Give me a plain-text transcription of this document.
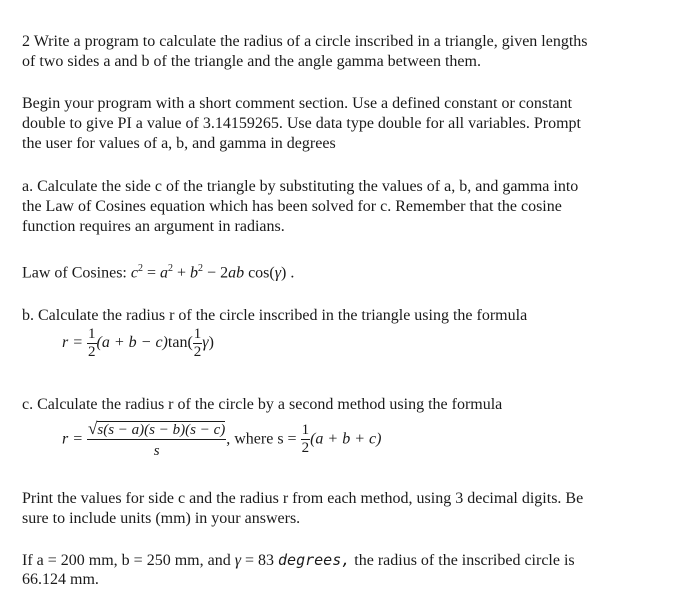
2 Write a program to calculate the radius of a circle inscribed in a triangle, given lengths
of two sides a and b of the triangle and the angle gamma between them.
Begin your program with a short comment section. Use a defined constant or constant
double to give PI a value of 3.14159265. Use data type double for all variables. Prompt
the user for values of a, b, and gamma in degrees
a. Calculate the side c of the triangle by substituting the values of a, b, and gamma into
the Law of Cosines equation which has been solved for c. Remember that the cosine
function requires an argument in radians.
Law of Cosines: $c^2 = a^2 + b^2 - 2ab$ cos(γ) .
b. Calculate the radius r of the circle inscribed in the triangle using the formula
$r = \frac{1}{2} (a + b - c)\tan( \frac{1}{2} \gamma)$
c. Calculate the radius r of the circle by a second method using the formula
$r = \frac{√s(s - a)(s - b)(s - c)}{s}$ , where $s = \frac{1}{2} (a + b + c)$
Print the values for side c and the radius r from each method, using 3 decimal digits. Be
sure to include units (mm) in your answers.
If a = 200 mm, b = 250 mm, and γ = 83 degrees, the radius of the inscribed circle is
66.124 mm.
